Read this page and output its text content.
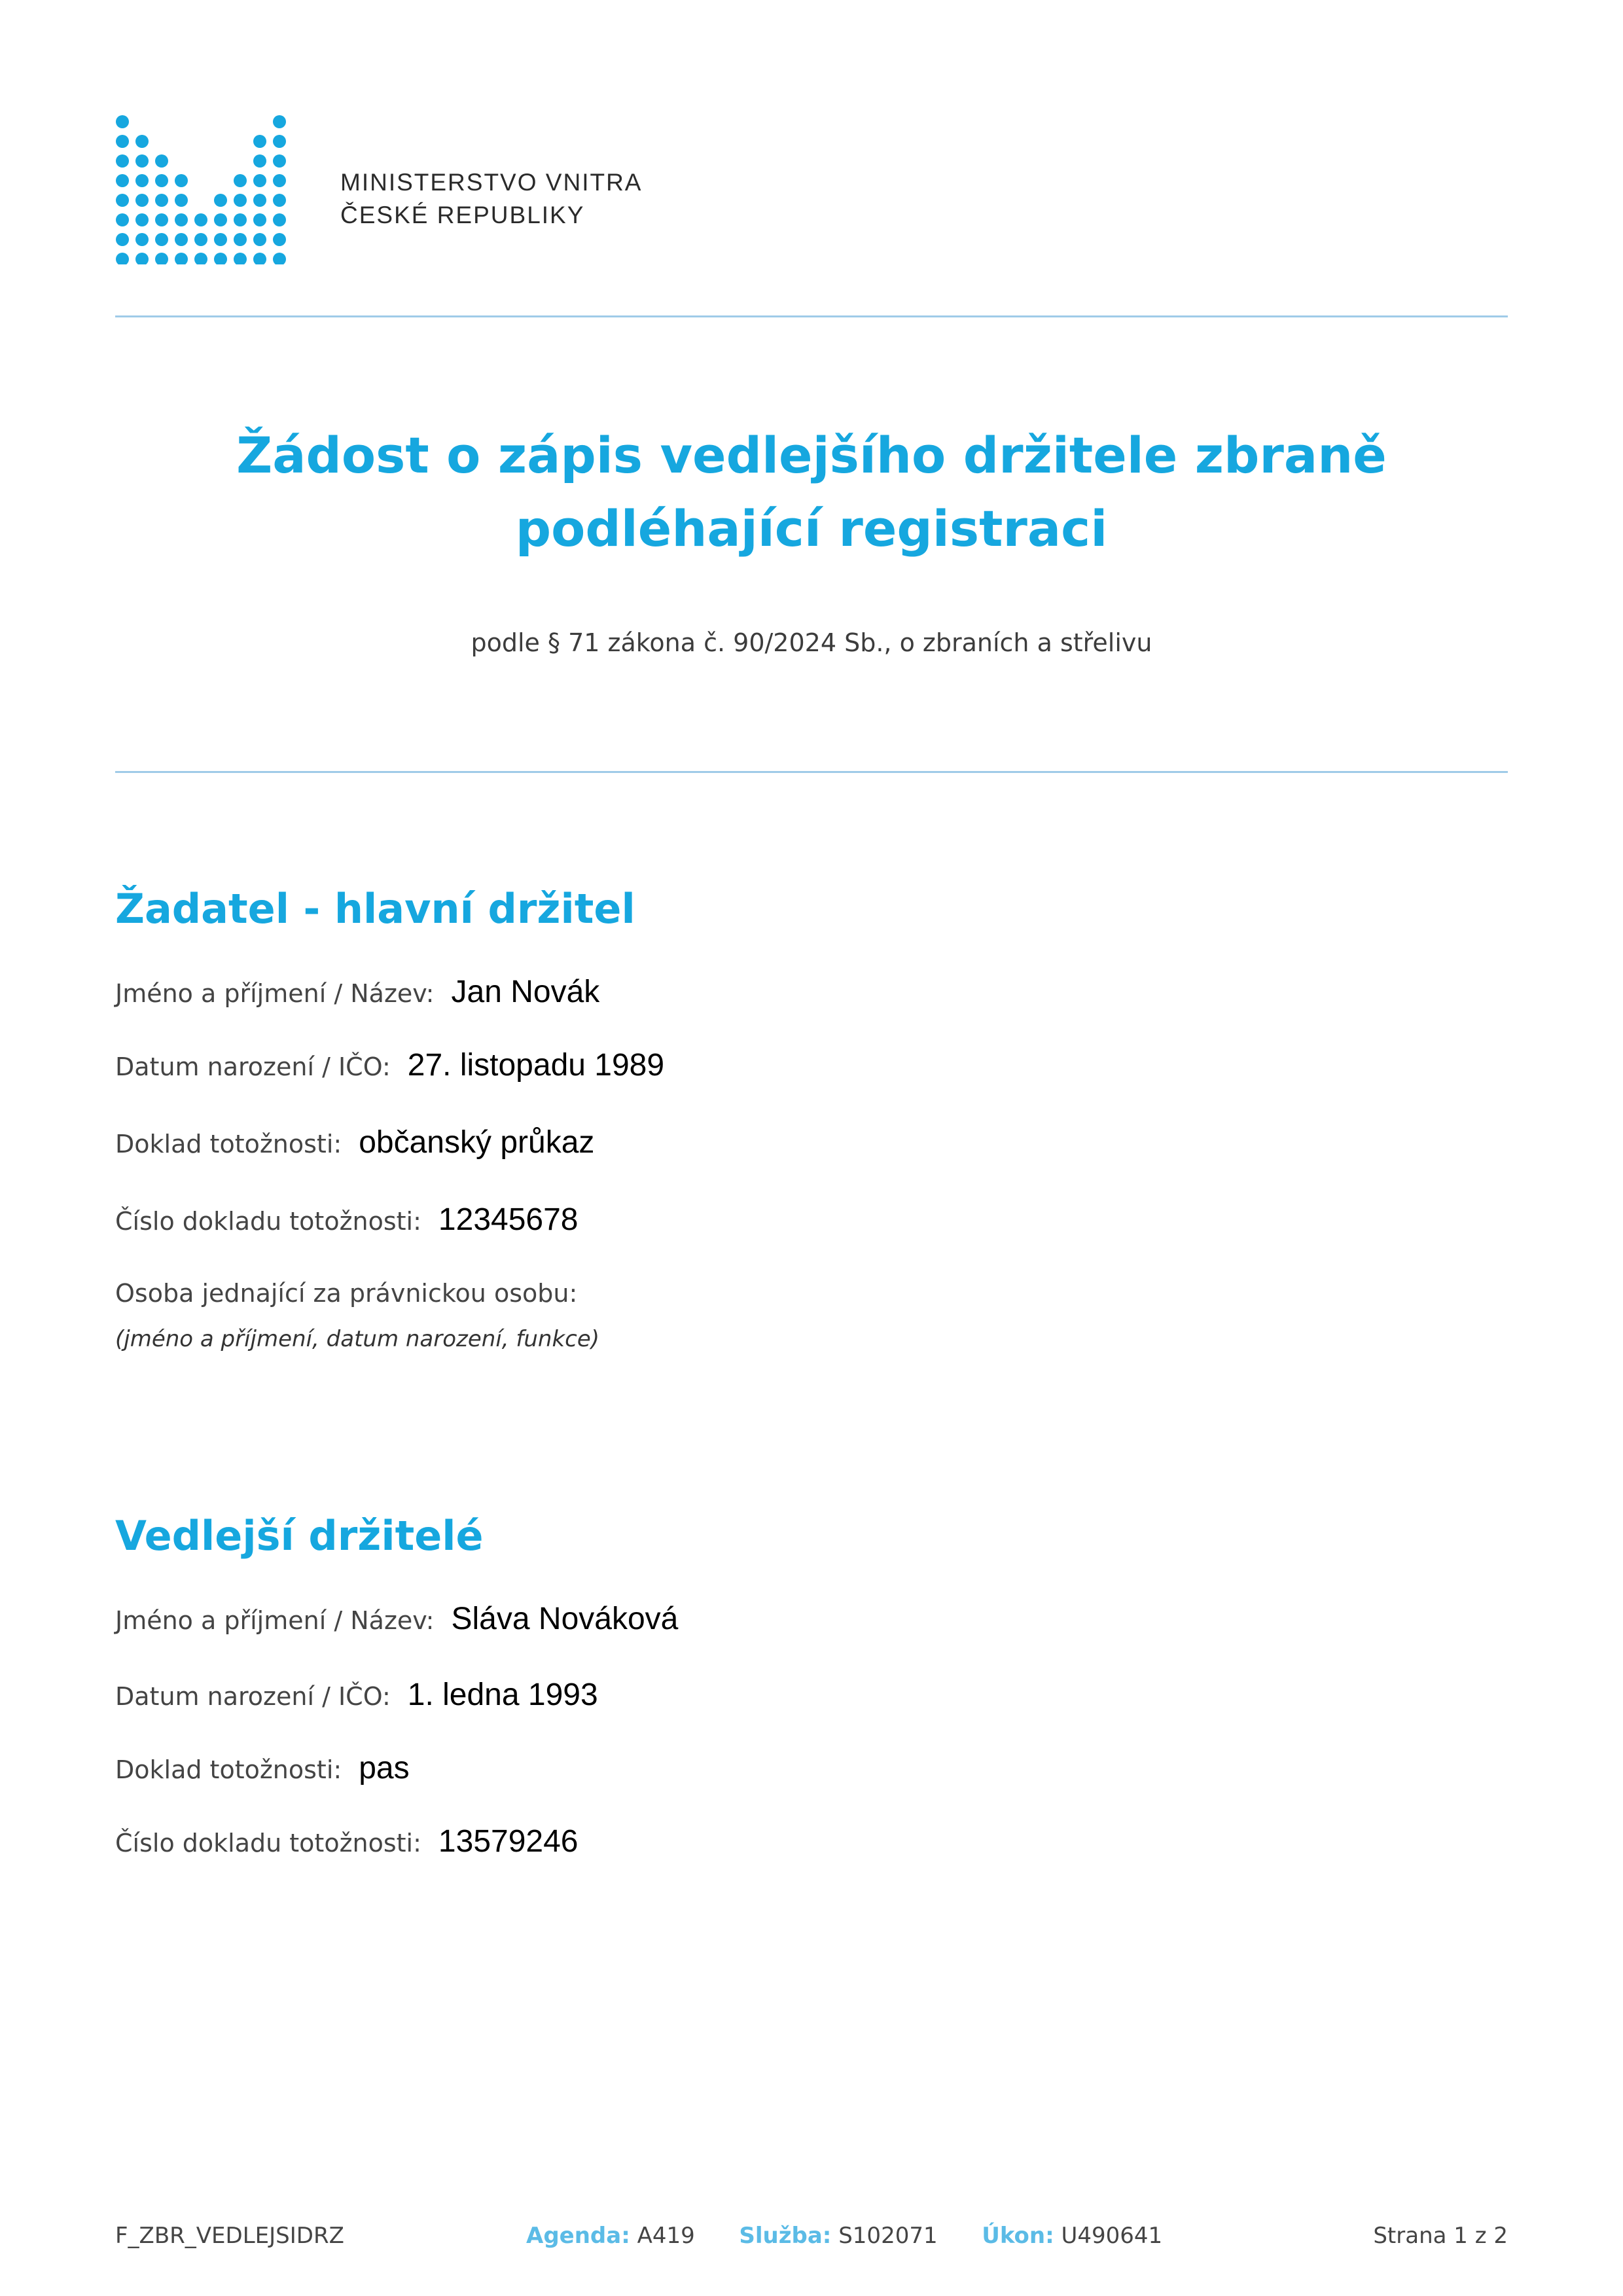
MINISTERSTVO VNITRA
ČESKÉ REPUBLIKY
Žádost o zápis vedlejšího držitele zbraně podléhající registraci
podle § 71 zákona č. 90/2024 Sb., o zbraních a střelivu
Žadatel - hlavní držitel
Jméno a příjmení / Název: Jan Novák
Datum narození / IČO: 27. listopadu 1989
Doklad totožnosti: občanský průkaz
Číslo dokladu totožnosti: 12345678
Osoba jednající za právnickou osobu:
(jméno a příjmení, datum narození, funkce)
Vedlejší držitelé
Jméno a příjmení / Název: Sláva Nováková
Datum narození / IČO: 1. ledna 1993
Doklad totožnosti: pas
Číslo dokladu totožnosti: 13579246
F_ZBR_VEDLEJSIDRZ	Agenda: A419 Služba: S102071 Úkon: U490641	Strana 1 z 2
